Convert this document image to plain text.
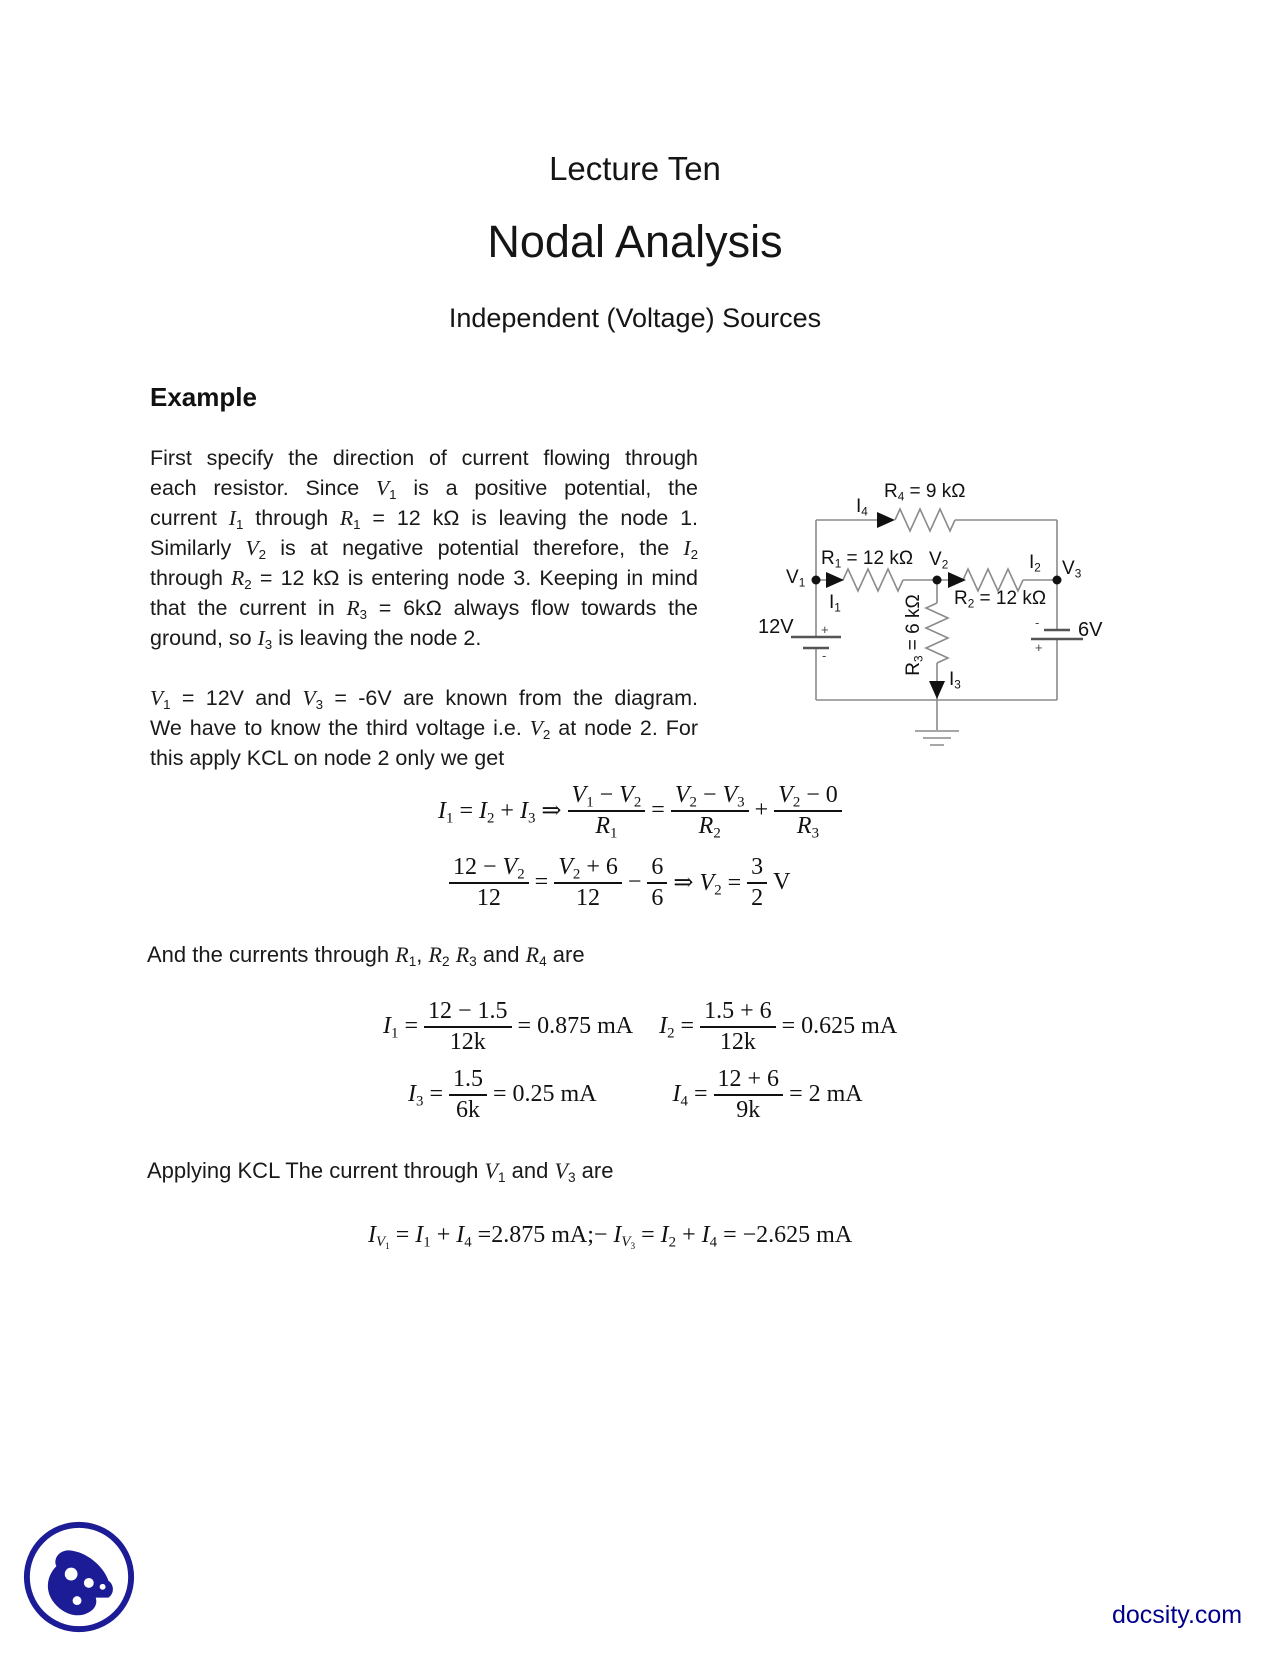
Lecture Ten
Nodal Analysis
Independent (Voltage) Sources
Example
First specify the direction of current flowing through
each resistor. Since $V_1$ is a positive potential, the
current $I_1$ through $R_1 = 12$ kΩ is leaving the node 1.
Similarly $V_2$ is at negative potential therefore, the $I_2$
through $R_2 = 12$ kΩ is entering node 3. Keeping in mind
that the current in $R_3 = 6k\Omega$ always flow towards the
ground, so $I_3$ is leaving the node 2.
$V_1 = 12V$ and $V_3 = -6V$ are known from the diagram.
We have to know the third voltage i.e. $V_2$ at node 2. For
this apply KCL on node 2 only we get
+
-
-
+
$R_4 = 9$ kΩ
$I_4$
$R_1 = 12$ kΩ $V_2$	$I_2$ $V_3$
$V_1$
$I_1$	$R_2 = 12$ kΩ
12V	6V
$I_3$
$R_3 = 6$ kΩ
$I_1 = I_2 + I_3$ ⇒ $\frac{V_1 - V_2}{R_1} = \frac{V_2 - V_3}{R_2} + \frac{V_2 - 0}{R_3}$
$\frac{12 - V_2}{12} = \frac{V_2 + 6}{12} - \frac{6}{6}$ ⇒ $V_2 = \frac{3}{2}$ V
And the currents through $R_1$, $R_2$ $R_3$ and $R_4$ are
$I_1 = \frac{12 - 1.5}{12k} = 0.875$ mA $I_2 = \frac{1.5 + 6}{12k} = 0.625$ mA
$I_3 = \frac{1.5}{6k} = 0.25$ mA	$I_4 = \frac{12 + 6}{9k} = 2$ mA
Applying KCL The current through $V_1$ and $V_3$ are
$I_{V_1} = I_1 + I_4 =2.875$ mA;− $I_{V_3} = I_2 + I_4 = -2.625$ mA
docsity.com
